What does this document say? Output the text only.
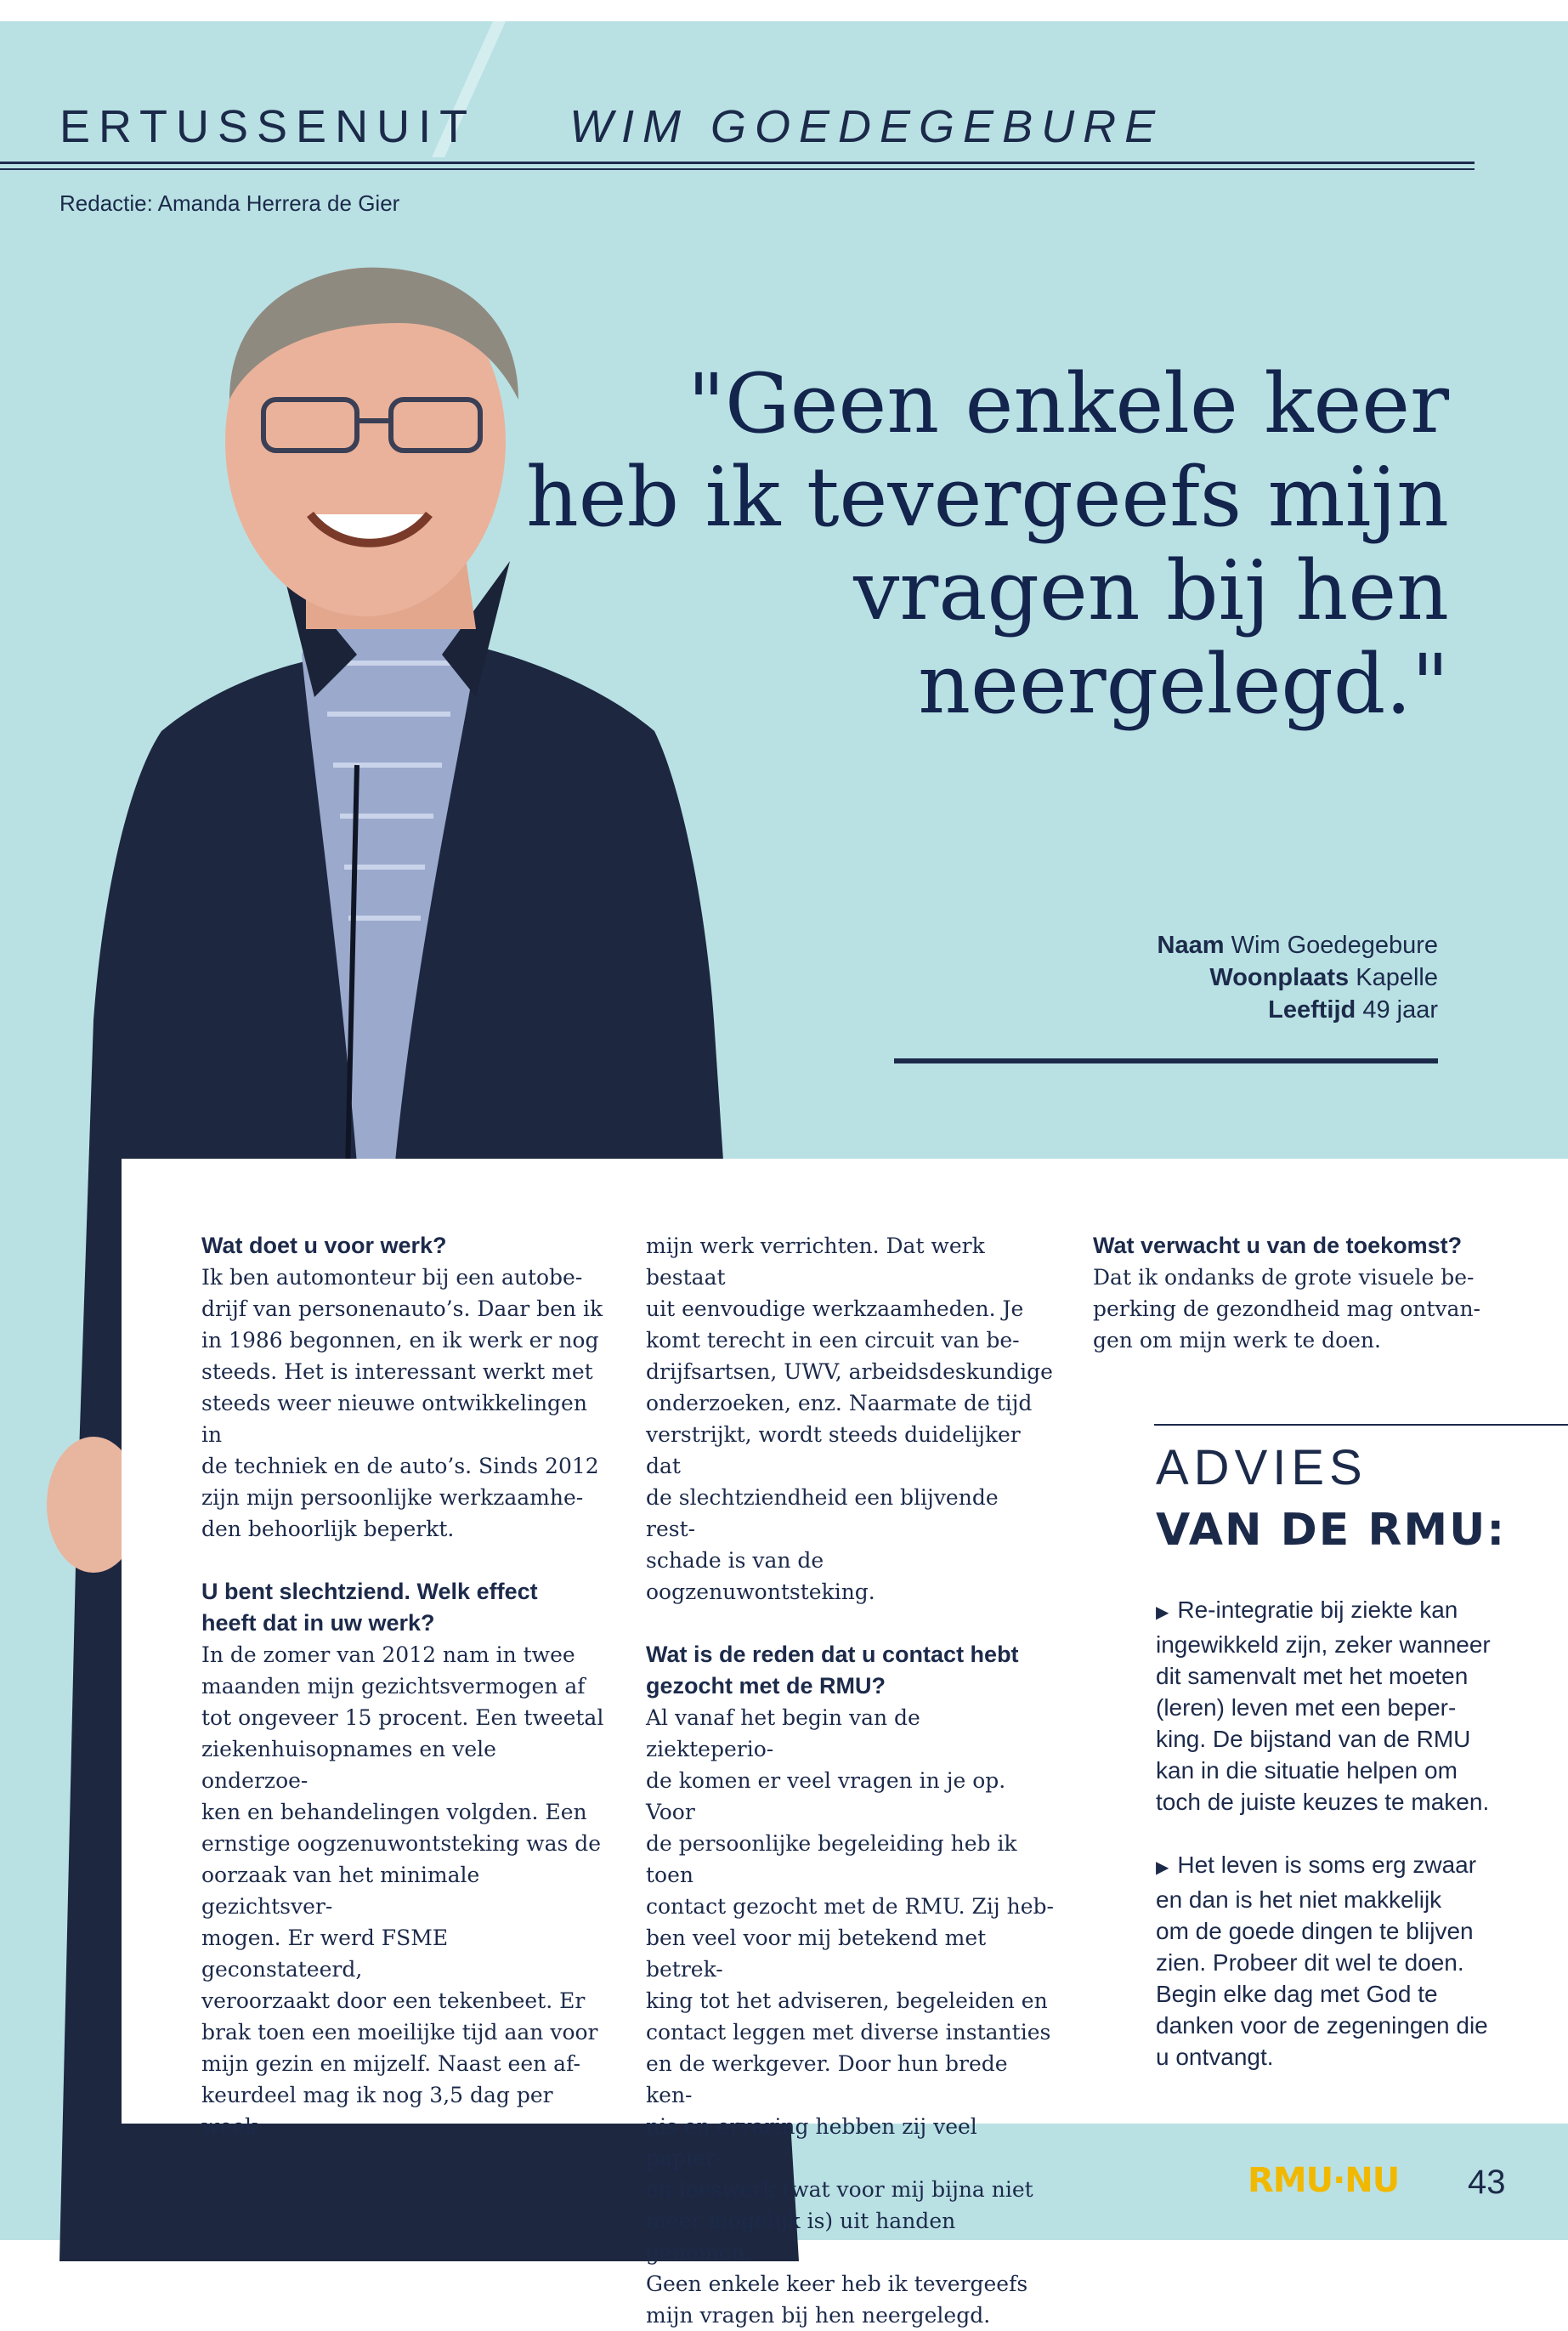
ERTUSSENUIT WIM GOEDEGEBURE
Redactie: Amanda Herrera de Gier
"Geen enkele keer heb ik tevergeefs mijn vragen bij hen neergelegd."
Naam Wim Goedegebure
Woonplaats Kapelle
Leeftijd 49 jaar
Wat doet u voor werk?

Ik ben automonteur bij een autobe-
drijf van personenauto’s. Daar ben ik
in 1986 begonnen, en ik werk er nog
steeds. Het is interessant werkt met
steeds weer nieuwe ontwikkelingen in
de techniek en de auto’s. Sinds 2012
zijn mijn persoonlijke werkzaamhe-
den behoorlijk beperkt.

U bent slechtziend. Welk effect
heeft dat in uw werk?

In de zomer van 2012 nam in twee
maanden mijn gezichtsvermogen af
tot ongeveer 15 procent. Een tweetal
ziekenhuisopnames en vele onderzoe-
ken en behandelingen volgden. Een
ernstige oogzenuwontsteking was de
oorzaak van het minimale gezichtsver-
mogen. Er werd FSME geconstateerd,
veroorzaakt door een tekenbeet. Er
brak toen een moeilijke tijd aan voor
mijn gezin en mijzelf. Naast een af-
keurdeel mag ik nog 3,5 dag per week

mijn werk verrichten. Dat werk bestaat
uit eenvoudige werkzaamheden. Je
komt terecht in een circuit van be-
drijfsartsen, UWV, arbeidsdeskundige
onderzoeken, enz. Naarmate de tijd
verstrijkt, wordt steeds duidelijker dat
de slechtziendheid een blijvende rest-
schade is van de oogzenuwontsteking.

Wat is de reden dat u contact hebt
gezocht met de RMU?

Al vanaf het begin van de ziekteperio-
de komen er veel vragen in je op. Voor
de persoonlijke begeleiding heb ik toen
contact gezocht met de RMU. Zij heb-
ben veel voor mij betekend met betrek-
king tot het adviseren, begeleiden en
contact leggen met diverse instanties
en de werkgever. Door hun brede ken-
nis en ervaring hebben zij veel papier-
en leeswerk (wat voor mij bijna niet
meer mogelijk is) uit handen genomen.
Geen enkele keer heb ik tevergeefs
mijn vragen bij hen neergelegd.

Wat verwacht u van de toekomst?

Dat ik ondanks de grote visuele be-
perking de gezondheid mag ontvan-
gen om mijn werk te doen.

ADVIES
VAN DE RMU:
▶ Re-integratie bij ziekte kan
ingewikkeld zijn, zeker wanneer
dit samenvalt met het moeten
(leren) leven met een beper-
king. De bijstand van de RMU
kan in die situatie helpen om
toch de juiste keuzes te maken.
▶ Het leven is soms erg zwaar
en dan is het niet makkelijk
om de goede dingen te blijven
zien. Probeer dit wel te doen.
Begin elke dag met God te
danken voor de zegeningen die
u ontvangt.
RMU·NU 43
